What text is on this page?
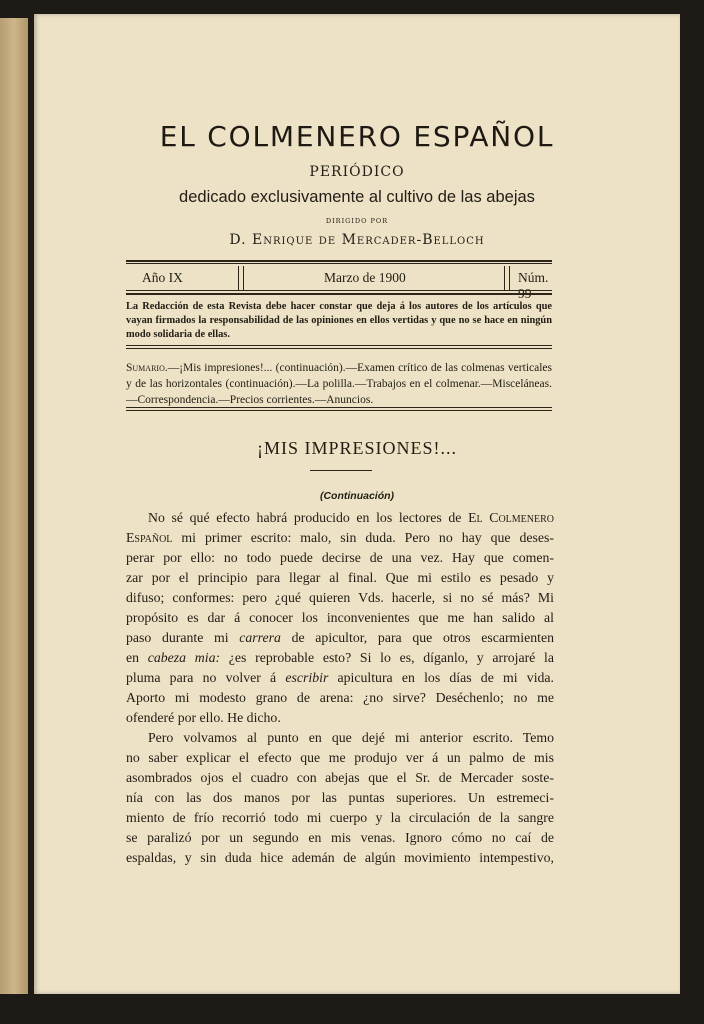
EL COLMENERO ESPAÑOL
PERIÓDICO
dedicado exclusivamente al cultivo de las abejas
DIRIGIDO POR
D. Enrique de Mercader-Belloch
Año IX	Marzo de 1900	Núm. 99
La Redacción de esta Revista debe hacer constar que deja á los autores de los artículos que vayan firmados la responsabilidad de las opiniones en ellos vertidas y que no se hace en ningún modo solidaria de ellas.
Sumario.—¡Mis impresiones!... (continuación).—Examen crítico de las colmenas verticales y de las horizontales (continuación).—La polilla.—Trabajos en el colmenar.—Misceláneas.—Correspondencia.—Precios corrientes.—Anuncios.
¡MIS IMPRESIONES!...
(Continuación)

No sé qué efecto habrá producido en los lectores de El Colmenero
Español mi primer escrito: malo, sin duda. Pero no hay que deses-
perar por ello: no todo puede decirse de una vez. Hay que comen-
zar por el principio para llegar al final. Que mi estilo es pesado y
difuso; conformes: pero ¿qué quieren Vds. hacerle, si no sé más? Mi
propósito es dar á conocer los inconvenientes que me han salido al
paso durante mi carrera de apicultor, para que otros escarmienten
en cabeza mia: ¿es reprobable esto? Si lo es, díganlo, y arrojaré la
pluma para no volver á escribir apicultura en los días de mi vida.
Aporto mi modesto grano de arena: ¿no sirve? Deséchenlo; no me
ofenderé por ello. He dicho.

Pero volvamos al punto en que dejé mi anterior escrito. Temo
no saber explicar el efecto que me produjo ver á un palmo de mis
asombrados ojos el cuadro con abejas que el Sr. de Mercader soste-
nía con las dos manos por las puntas superiores. Un estremeci-
miento de frío recorrió todo mi cuerpo y la circulación de la sangre
se paralizó por un segundo en mis venas. Ignoro cómo no caí de
espaldas, y sin duda hice ademán de algún movimiento intempestivo,
